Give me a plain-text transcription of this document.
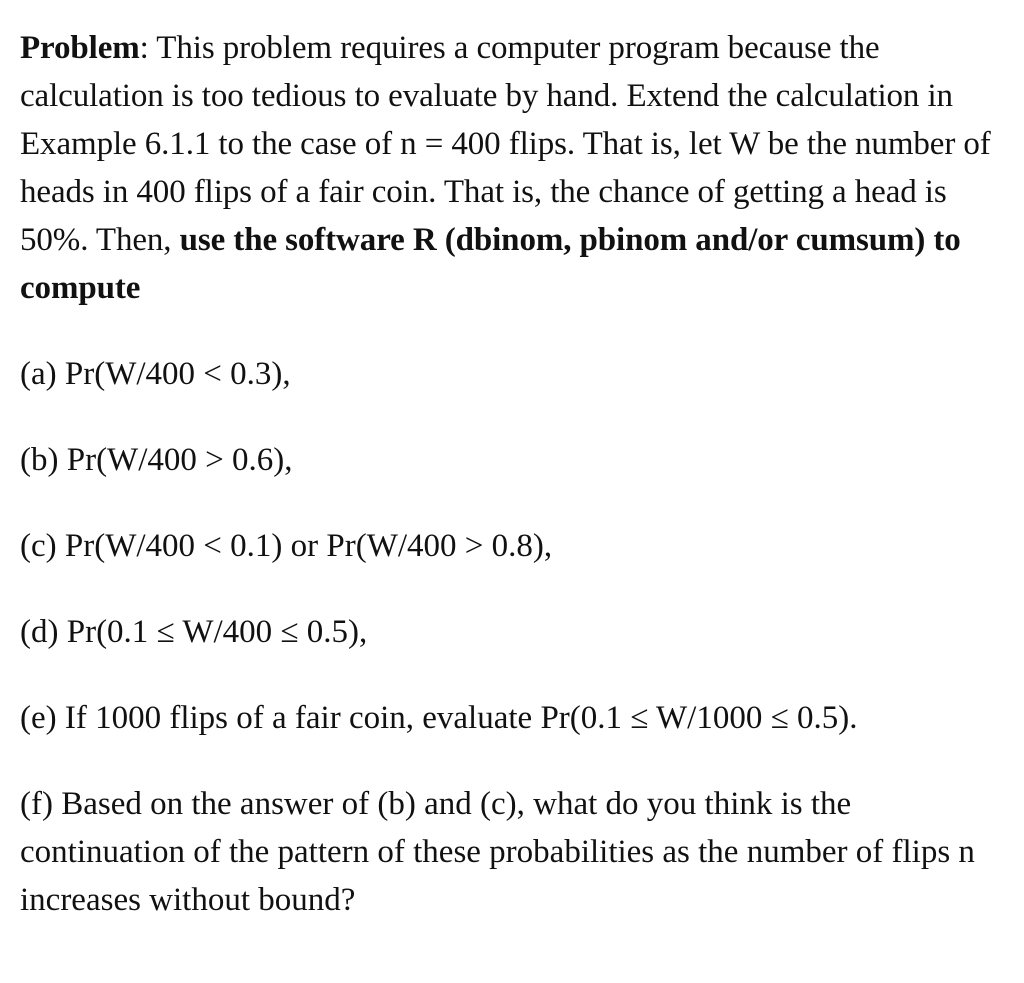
Problem: This problem requires a computer program because the calculation is too tedious to evaluate by hand. Extend the calculation in Example 6.1.1 to the case of n = 400 flips. That is, let W be the number of heads in 400 flips of a fair coin. That is, the chance of getting a head is 50%. Then, use the software R (dbinom, pbinom and/or cumsum) to compute

(a) Pr(W/400 < 0.3),

(b) Pr(W/400 > 0.6),

(c) Pr(W/400 < 0.1) or Pr(W/400 > 0.8),

(d) Pr(0.1 ≤ W/400 ≤ 0.5),

(e) If 1000 flips of a fair coin, evaluate Pr(0.1 ≤ W/1000 ≤ 0.5).

(f) Based on the answer of (b) and (c), what do you think is the continuation of the pattern of these probabilities as the number of flips n increases without bound?
